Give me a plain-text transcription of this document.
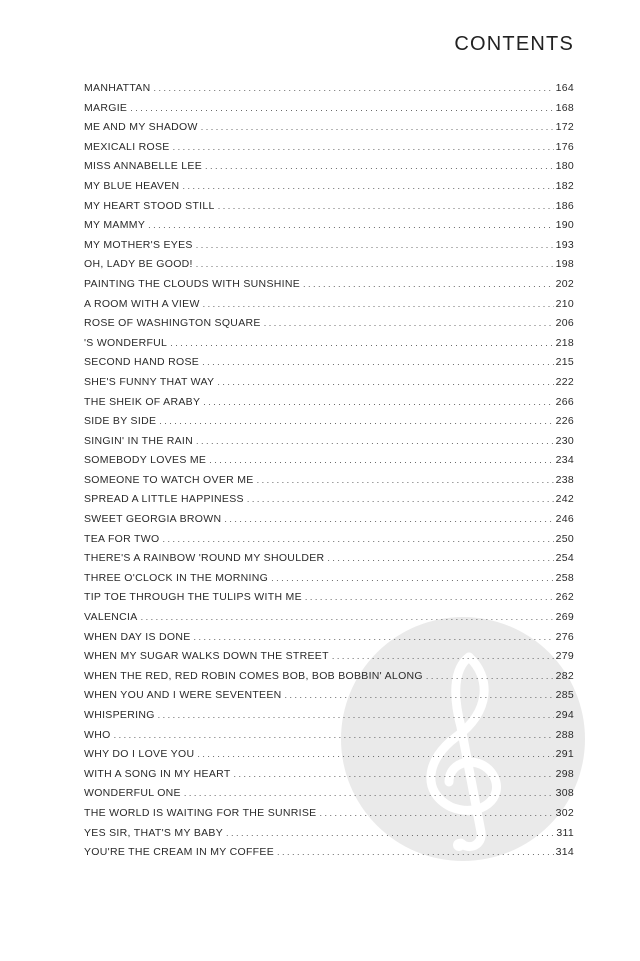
CONTENTS
MANHATTAN . . .	164
MARGIE . . .	168
ME AND MY SHADOW . . .	172
MEXICALI ROSE . . .	176
MISS ANNABELLE LEE . . .	180
MY BLUE HEAVEN . . .	182
MY HEART STOOD STILL . . .	186
MY MAMMY . . .	190
MY MOTHER'S EYES . . .	193
OH, LADY BE GOOD! . . .	198
PAINTING THE CLOUDS WITH SUNSHINE . . .	202
A ROOM WITH A VIEW . . .	210
ROSE OF WASHINGTON SQUARE . . .	206
'S WONDERFUL . . .	218
SECOND HAND ROSE . . .	215
SHE'S FUNNY THAT WAY . . .	222
THE SHEIK OF ARABY . . .	266
SIDE BY SIDE . . .	226
SINGIN' IN THE RAIN . . .	230
SOMEBODY LOVES ME . . .	234
SOMEONE TO WATCH OVER ME . . .	238
SPREAD A LITTLE HAPPINESS . . .	242
SWEET GEORGIA BROWN . . .	246
TEA FOR TWO . . .	250
THERE'S A RAINBOW 'ROUND MY SHOULDER . . .	254
THREE O'CLOCK IN THE MORNING . . .	258
TIP TOE THROUGH THE TULIPS WITH ME . . .	262
VALENCIA . . .	269
WHEN DAY IS DONE . . .	276
WHEN MY SUGAR WALKS DOWN THE STREET . . .	279
WHEN THE RED, RED ROBIN COMES BOB, BOB BOBBIN' ALONG . . .	282
WHEN YOU AND I WERE SEVENTEEN . . .	285
WHISPERING . . .	294
WHO . . .	288
WHY DO I LOVE YOU . . .	291
WITH A SONG IN MY HEART . . .	298
WONDERFUL ONE . . .	308
THE WORLD IS WAITING FOR THE SUNRISE . . .	302
YES SIR, THAT'S MY BABY . . .	311
YOU'RE THE CREAM IN MY COFFEE . . .	314
